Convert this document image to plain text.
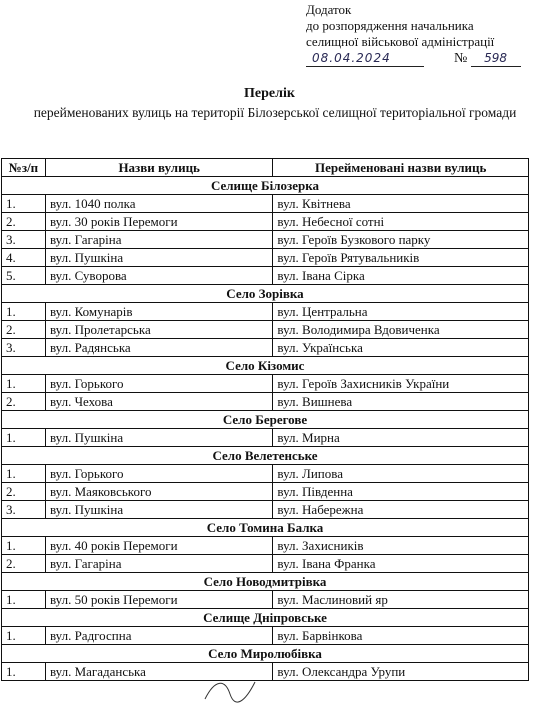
Додаток
до розпорядження начальника
селищної військової адміністрації
08.04.2024	№ 598
Перелік
перейменованих вулиць на території Білозерської селищної територіальної громади
№з/п	Назви вулиць	Перейменовані назви вулиць
Селище Білозерка		
1.	вул. 1040 полка	вул. Квітнева
2.	вул. 30 років Перемоги	вул. Небесної сотні
3.	вул. Гагаріна	вул. Героїв Бузкового парку
4.	вул. Пушкіна	вул. Героїв Рятувальників
5.	вул. Суворова	вул. Івана Сірка
Село Зорівка		
1.	вул. Комунарів	вул. Центральна
2.	вул. Пролетарська	вул. Володимира Вдовиченка
3.	вул. Радянська	вул. Українська
Село Кізомис		
1.	вул. Горького	вул. Героїв Захисників України
2.	вул. Чехова	вул. Вишнева
Село Берегове		
1.	вул. Пушкіна	вул. Мирна
Село Велетенське		
1.	вул. Горького	вул. Липова
2.	вул. Маяковського	вул. Південна
3.	вул. Пушкіна	вул. Набережна
Село Томина Балка		
1.	вул. 40 років Перемоги	вул. Захисників
2.	вул. Гагаріна	вул. Івана Франка
Село Новодмитрівка		
1.	вул. 50 років Перемоги	вул. Маслиновий яр
Селище Дніпровське		
1.	вул. Радгоспна	вул. Барвінкова
Село Миролюбівка		
1.	вул. Магаданська	вул. Олександра Урупи
